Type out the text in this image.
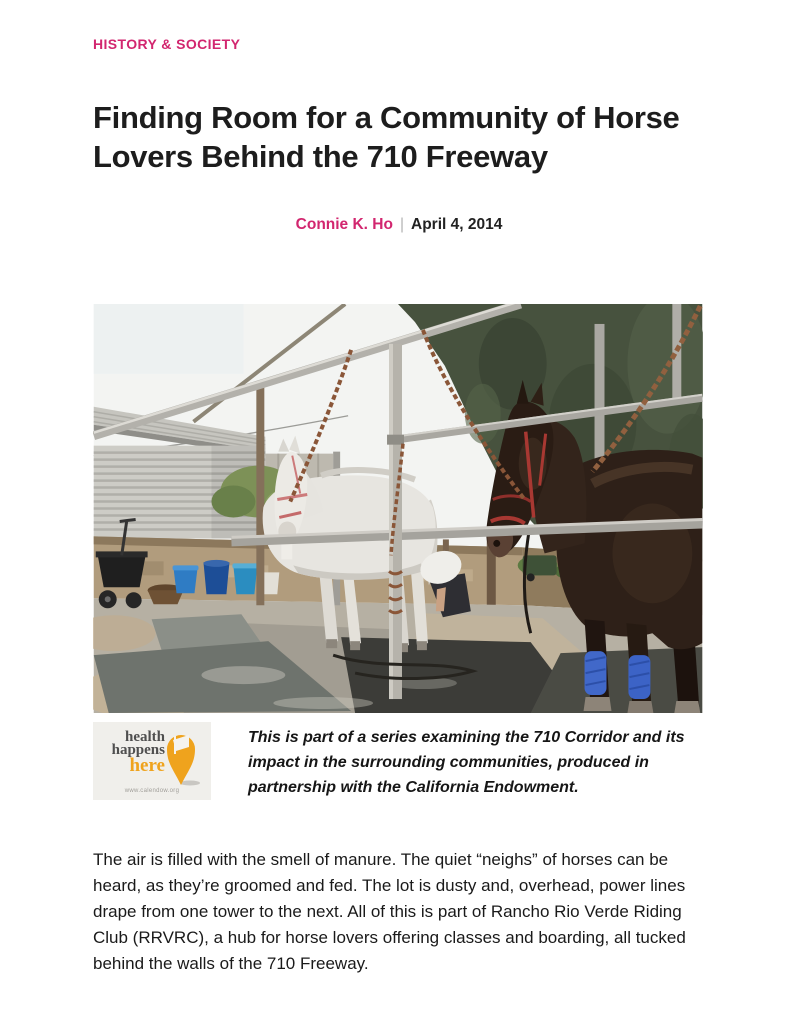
HISTORY & SOCIETY
Finding Room for a Community of Horse Lovers Behind the 710 Freeway
Connie K. Ho | April 4, 2014
health
happens
here
www.calendow.org
This is part of a series examining the 710 Corridor and its impact in the surrounding communities, produced in partnership with the California Endowment.
The air is filled with the smell of manure. The quiet “neighs” of horses can be heard, as they’re groomed and fed. The lot is dusty and, overhead, power lines drape from one tower to the next. All of this is part of Rancho Rio Verde Riding Club (RRVRC), a hub for horse lovers offering classes and boarding, all tucked behind the walls of the 710 Freeway.
